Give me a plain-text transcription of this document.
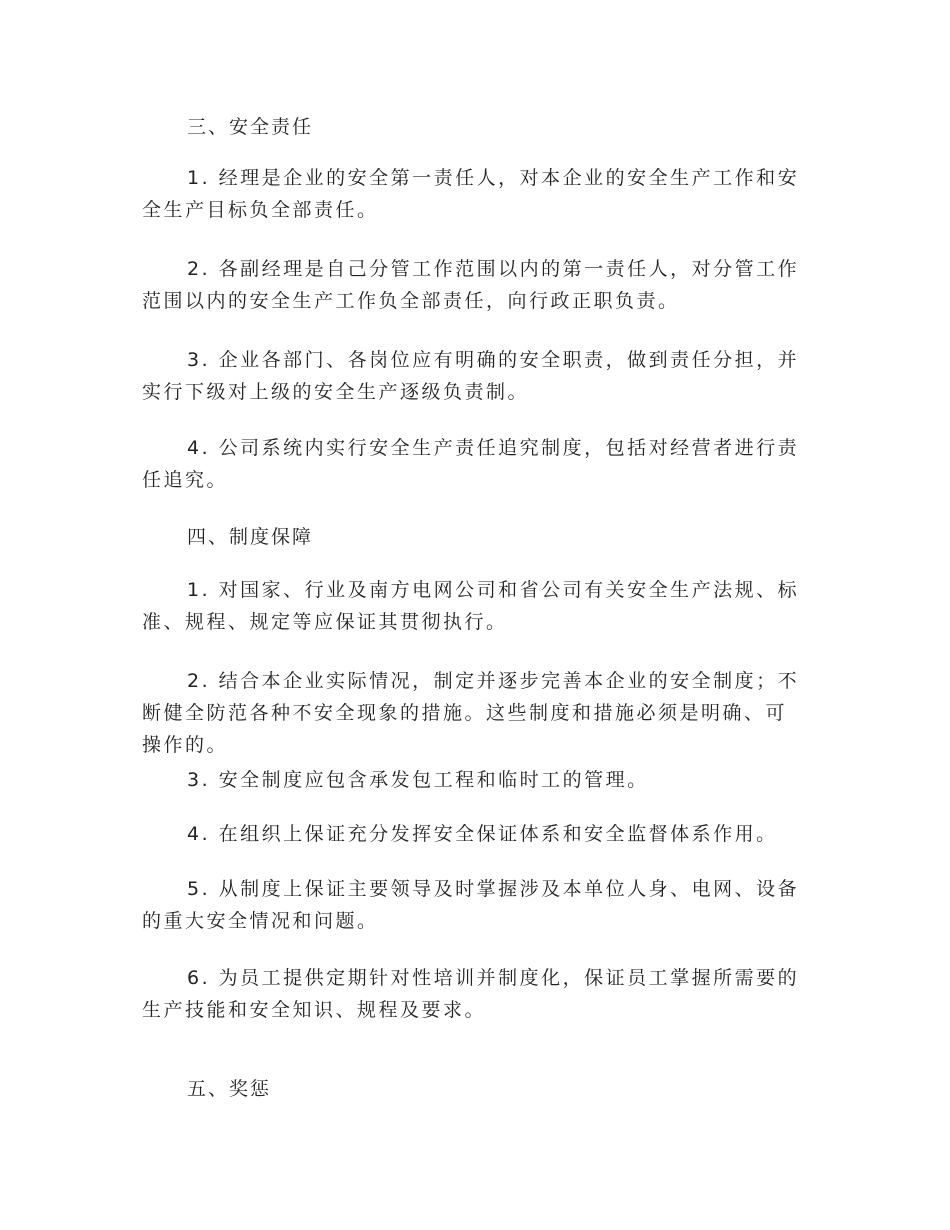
三、安全责任
1. 经理是企业的安全第一责任人，对本企业的安全生产工作和安
全生产目标负全部责任。
2. 各副经理是自己分管工作范围以内的第一责任人，对分管工作
范围以内的安全生产工作负全部责任，向行政正职负责。
3. 企业各部门、各岗位应有明确的安全职责，做到责任分担，并
实行下级对上级的安全生产逐级负责制。
4. 公司系统内实行安全生产责任追究制度，包括对经营者进行责
任追究。
四、制度保障
1. 对国家、行业及南方电网公司和省公司有关安全生产法规、标
准、规程、规定等应保证其贯彻执行。
2. 结合本企业实际情况，制定并逐步完善本企业的安全制度；不
断健全防范各种不安全现象的措施。这些制度和措施必须是明确、可
操作的。
3. 安全制度应包含承发包工程和临时工的管理。
4. 在组织上保证充分发挥安全保证体系和安全监督体系作用。
5. 从制度上保证主要领导及时掌握涉及本单位人身、电网、设备
的重大安全情况和问题。
6. 为员工提供定期针对性培训并制度化，保证员工掌握所需要的
生产技能和安全知识、规程及要求。
五、奖惩
